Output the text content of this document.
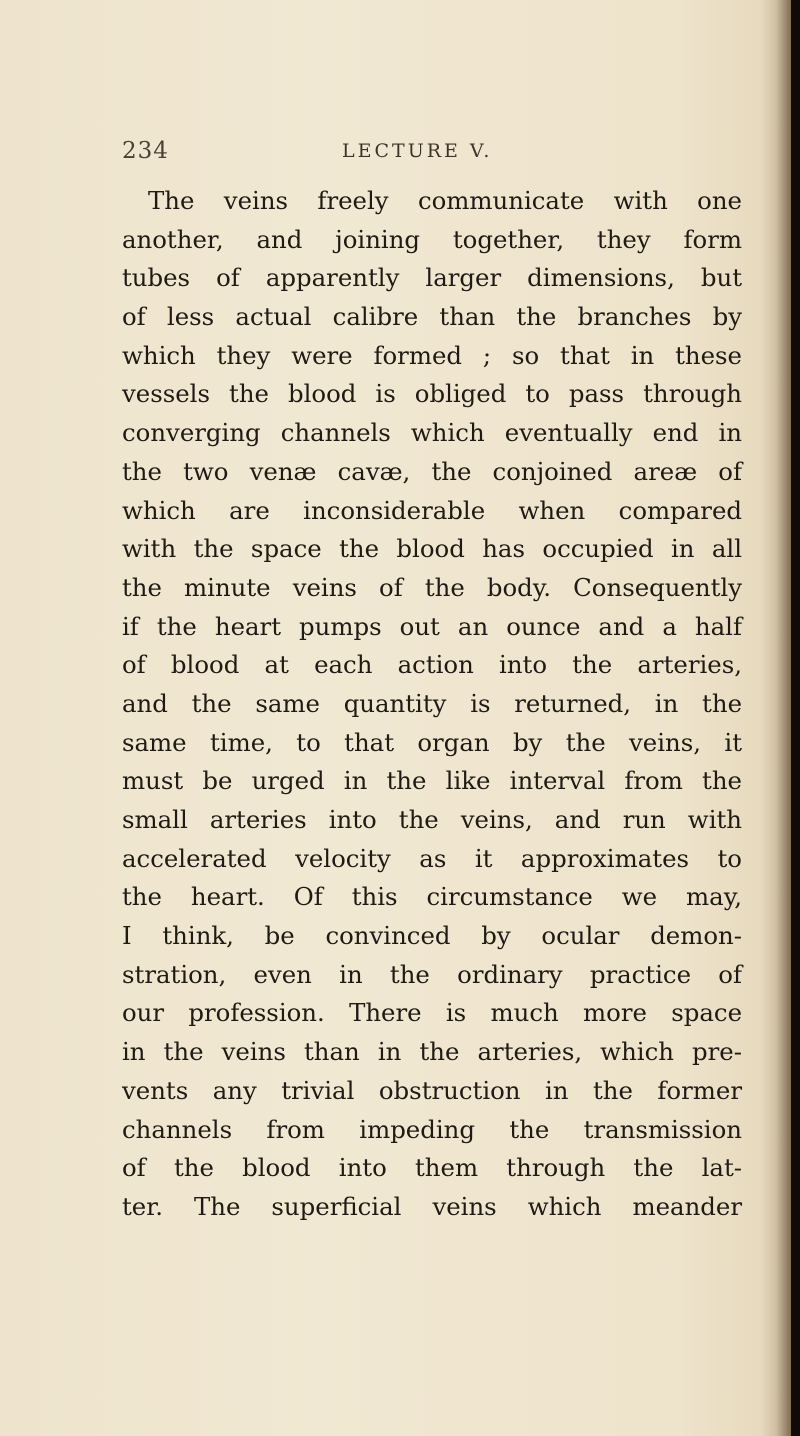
234	LECTURE V.
The veins freely communicate with one
another, and joining together, they form
tubes of apparently larger dimensions, but
of less actual calibre than the branches by
which they were formed ; so that in these
vessels the blood is obliged to pass through
converging channels which eventually end in
the two venæ cavæ, the conjoined areæ of
which are inconsiderable when compared
with the space the blood has occupied in all
the minute veins of the body. Consequently
if the heart pumps out an ounce and a half
of blood at each action into the arteries,
and the same quantity is returned, in the
same time, to that organ by the veins, it
must be urged in the like interval from the
small arteries into the veins, and run with
accelerated velocity as it approximates to
the heart. Of this circumstance we may,
I think, be convinced by ocular demon-
stration, even in the ordinary practice of
our profession. There is much more space
in the veins than in the arteries, which pre-
vents any trivial obstruction in the former
channels from impeding the transmission
of the blood into them through the lat-
ter. The superficial veins which meander
